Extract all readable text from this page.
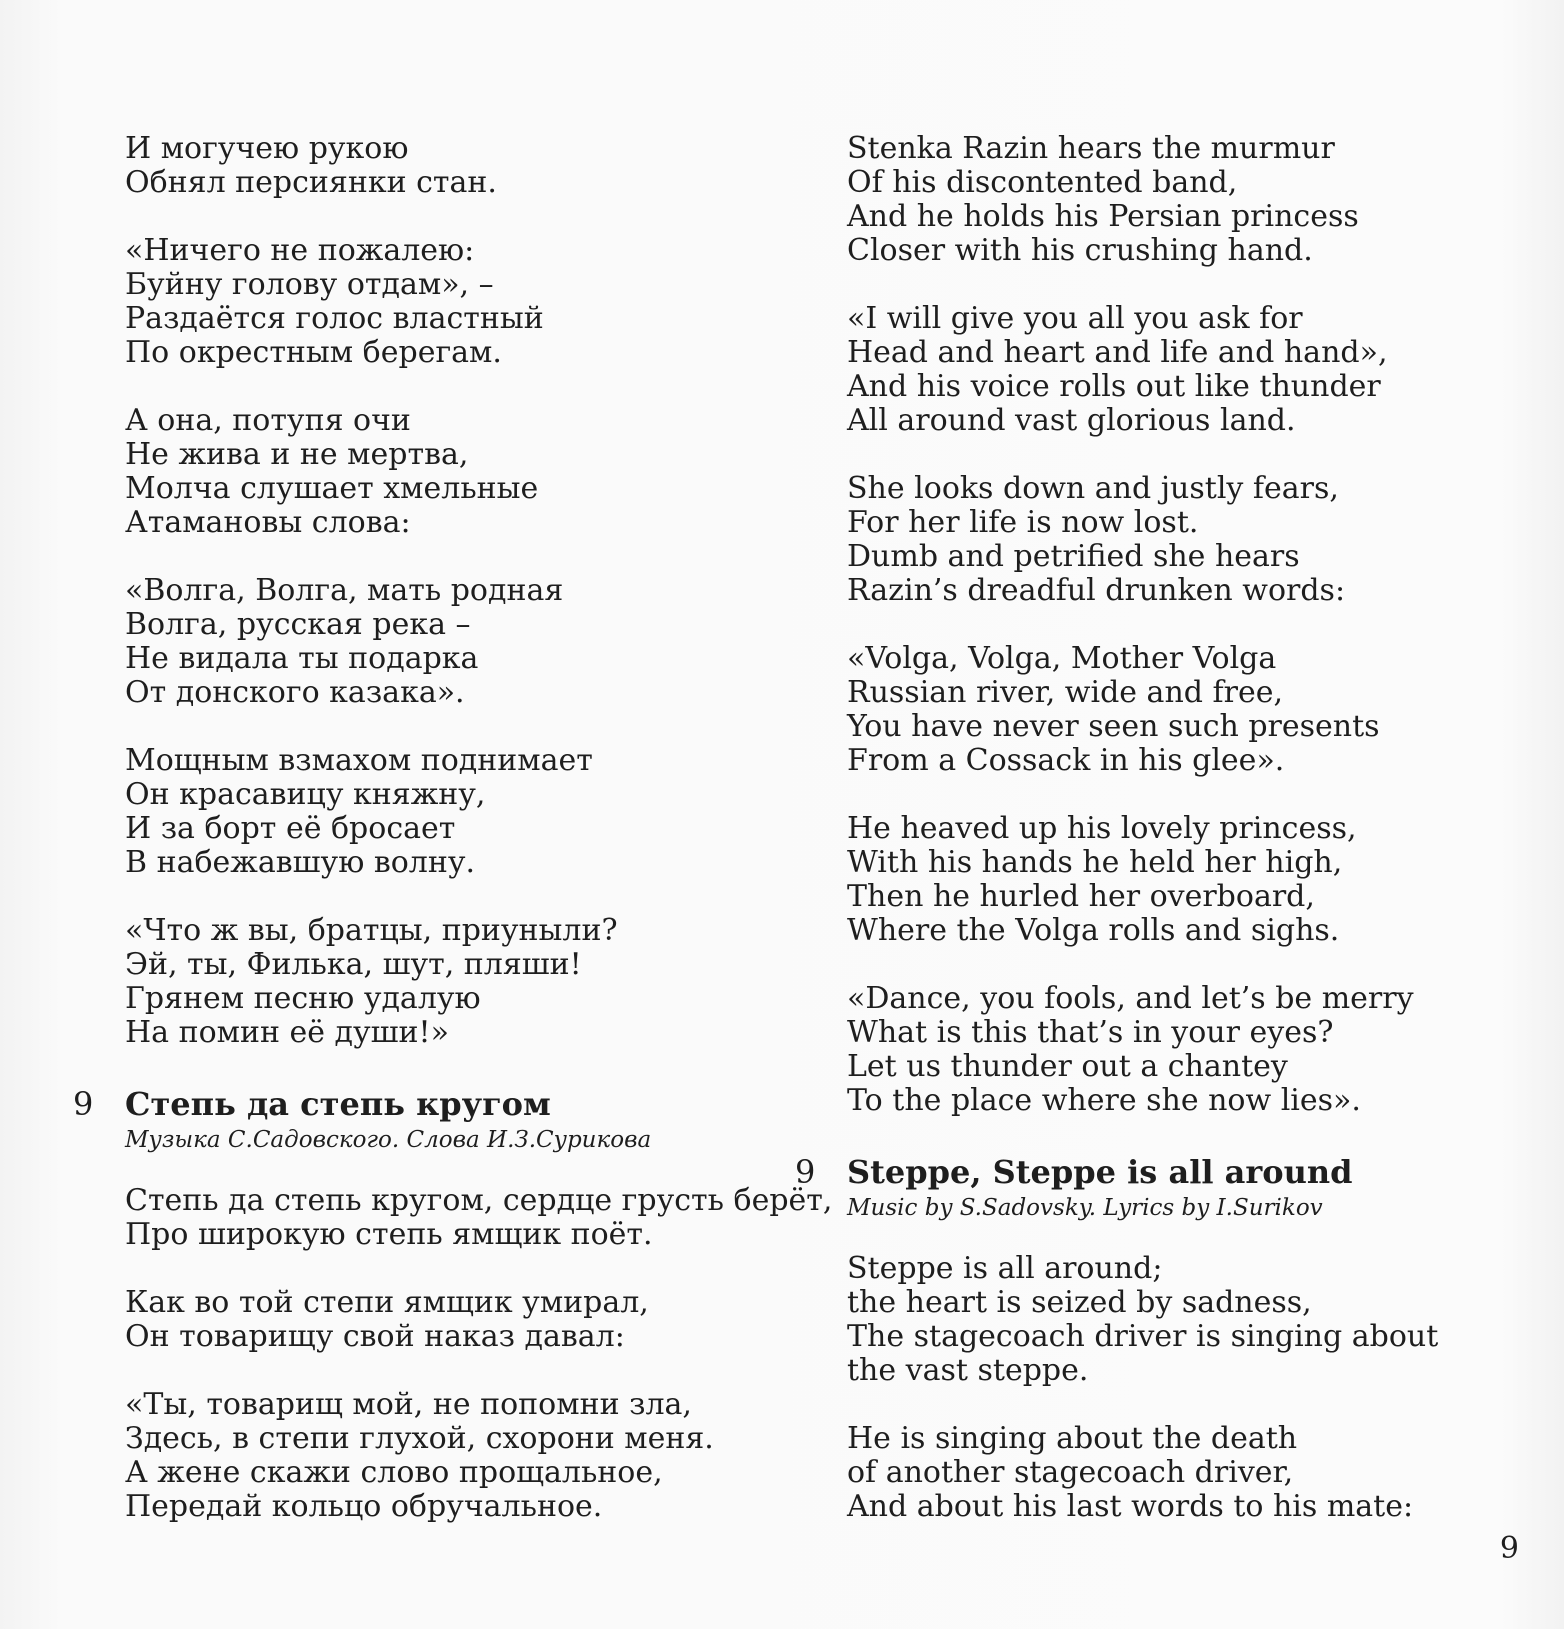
И могучею рукою
Обнял персиянки стан.
«Ничего не пожалею:
Буйну голову отдам», –
Раздаётся голос властный
По окрестным берегам.
А она, потупя очи
Не жива и не мертва,
Молча слушает хмельные
Атамановы слова:
«Волга, Волга, мать родная
Волга, русская река –
Не видала ты подарка
От донского казака».
Мощным взмахом поднимает
Он красавицу княжну,
И за борт её бросает
В набежавшую волну.
«Что ж вы, братцы, приуныли?
Эй, ты, Филька, шут, пляши!
Грянем песню удалую
На помин её души!»
9 Степь да степь кругом
Музыка С.Садовского. Слова И.З.Сурикова
Степь да степь кругом, сердце грусть берёт,
Про широкую степь ямщик поёт.
Как во той степи ямщик умирал,
Он товарищу свой наказ давал:
«Ты, товарищ мой, не попомни зла,
Здесь, в степи глухой, схорони меня.
А жене скажи слово прощальное,
Передай кольцо обручальное.
Stenka Razin hears the murmur
Of his discontented band,
And he holds his Persian princess
Closer with his crushing hand.
«I will give you all you ask for
Head and heart and life and hand»,
And his voice rolls out like thunder
All around vast glorious land.
She looks down and justly fears,
For her life is now lost.
Dumb and petrified she hears
Razin’s dreadful drunken words:
«Volga, Volga, Mother Volga
Russian river, wide and free,
You have never seen such presents
From a Cossack in his glee».
He heaved up his lovely princess,
With his hands he held her high,
Then he hurled her overboard,
Where the Volga rolls and sighs.
«Dance, you fools, and let’s be merry
What is this that’s in your eyes?
Let us thunder out a chantey
To the place where she now lies».
9 Steppe, Steppe is all around
Music by S.Sadovsky. Lyrics by I.Surikov
Steppe is all around;
the heart is seized by sadness,
The stagecoach driver is singing about
the vast steppe.
He is singing about the death
of another stagecoach driver,
And about his last words to his mate:
9
